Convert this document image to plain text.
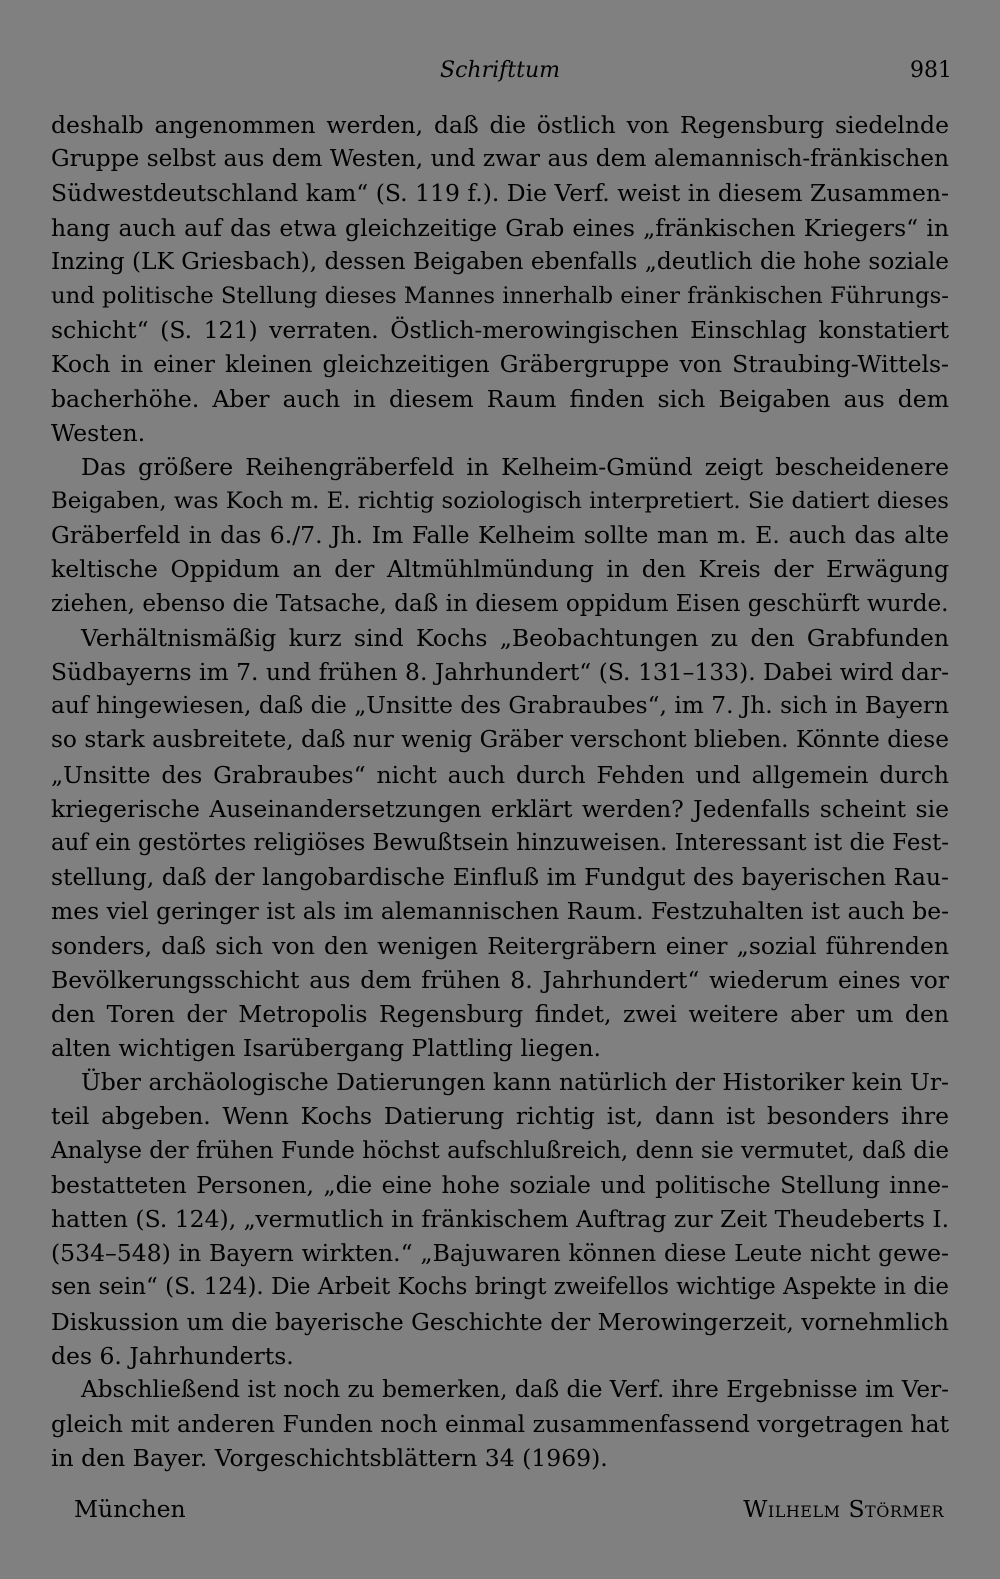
Schrifttum	981
deshalb angenommen werden, daß die östlich von Regensburg siedelnde
Gruppe selbst aus dem Westen, und zwar aus dem alemannisch-fränkischen
Südwestdeutschland kam“ (S. 119 f.). Die Verf. weist in diesem Zusammen-
hang auch auf das etwa gleichzeitige Grab eines „fränkischen Kriegers“ in
Inzing (LK Griesbach), dessen Beigaben ebenfalls „deutlich die hohe soziale
und politische Stellung dieses Mannes innerhalb einer fränkischen Führungs-
schicht“ (S. 121) verraten. Östlich-merowingischen Einschlag konstatiert
Koch in einer kleinen gleichzeitigen Gräbergruppe von Straubing-Wittels-
bacherhöhe. Aber auch in diesem Raum finden sich Beigaben aus dem
Westen.
Das größere Reihengräberfeld in Kelheim-Gmünd zeigt bescheidenere
Beigaben, was Koch m. E. richtig soziologisch interpretiert. Sie datiert dieses
Gräberfeld in das 6./7. Jh. Im Falle Kelheim sollte man m. E. auch das alte
keltische Oppidum an der Altmühlmündung in den Kreis der Erwägung
ziehen, ebenso die Tatsache, daß in diesem oppidum Eisen geschürft wurde.
Verhältnismäßig kurz sind Kochs „Beobachtungen zu den Grabfunden
Südbayerns im 7. und frühen 8. Jahrhundert“ (S. 131–133). Dabei wird dar-
auf hingewiesen, daß die „Unsitte des Grabraubes“, im 7. Jh. sich in Bayern
so stark ausbreitete, daß nur wenig Gräber verschont blieben. Könnte diese
„Unsitte des Grabraubes“ nicht auch durch Fehden und allgemein durch
kriegerische Auseinandersetzungen erklärt werden? Jedenfalls scheint sie
auf ein gestörtes religiöses Bewußtsein hinzuweisen. Interessant ist die Fest-
stellung, daß der langobardische Einfluß im Fundgut des bayerischen Rau-
mes viel geringer ist als im alemannischen Raum. Festzuhalten ist auch be-
sonders, daß sich von den wenigen Reitergräbern einer „sozial führenden
Bevölkerungsschicht aus dem frühen 8. Jahrhundert“ wiederum eines vor
den Toren der Metropolis Regensburg findet, zwei weitere aber um den
alten wichtigen Isarübergang Plattling liegen.
Über archäologische Datierungen kann natürlich der Historiker kein Ur-
teil abgeben. Wenn Kochs Datierung richtig ist, dann ist besonders ihre
Analyse der frühen Funde höchst aufschlußreich, denn sie vermutet, daß die
bestatteten Personen, „die eine hohe soziale und politische Stellung inne-
hatten (S. 124), „vermutlich in fränkischem Auftrag zur Zeit Theudeberts I.
(534–548) in Bayern wirkten.“ „Bajuwaren können diese Leute nicht gewe-
sen sein“ (S. 124). Die Arbeit Kochs bringt zweifellos wichtige Aspekte in die
Diskussion um die bayerische Geschichte der Merowingerzeit, vornehmlich
des 6. Jahrhunderts.
Abschließend ist noch zu bemerken, daß die Verf. ihre Ergebnisse im Ver-
gleich mit anderen Funden noch einmal zusammenfassend vorgetragen hat
in den Bayer. Vorgeschichtsblättern 34 (1969).
München	Wilhelm Störmer
